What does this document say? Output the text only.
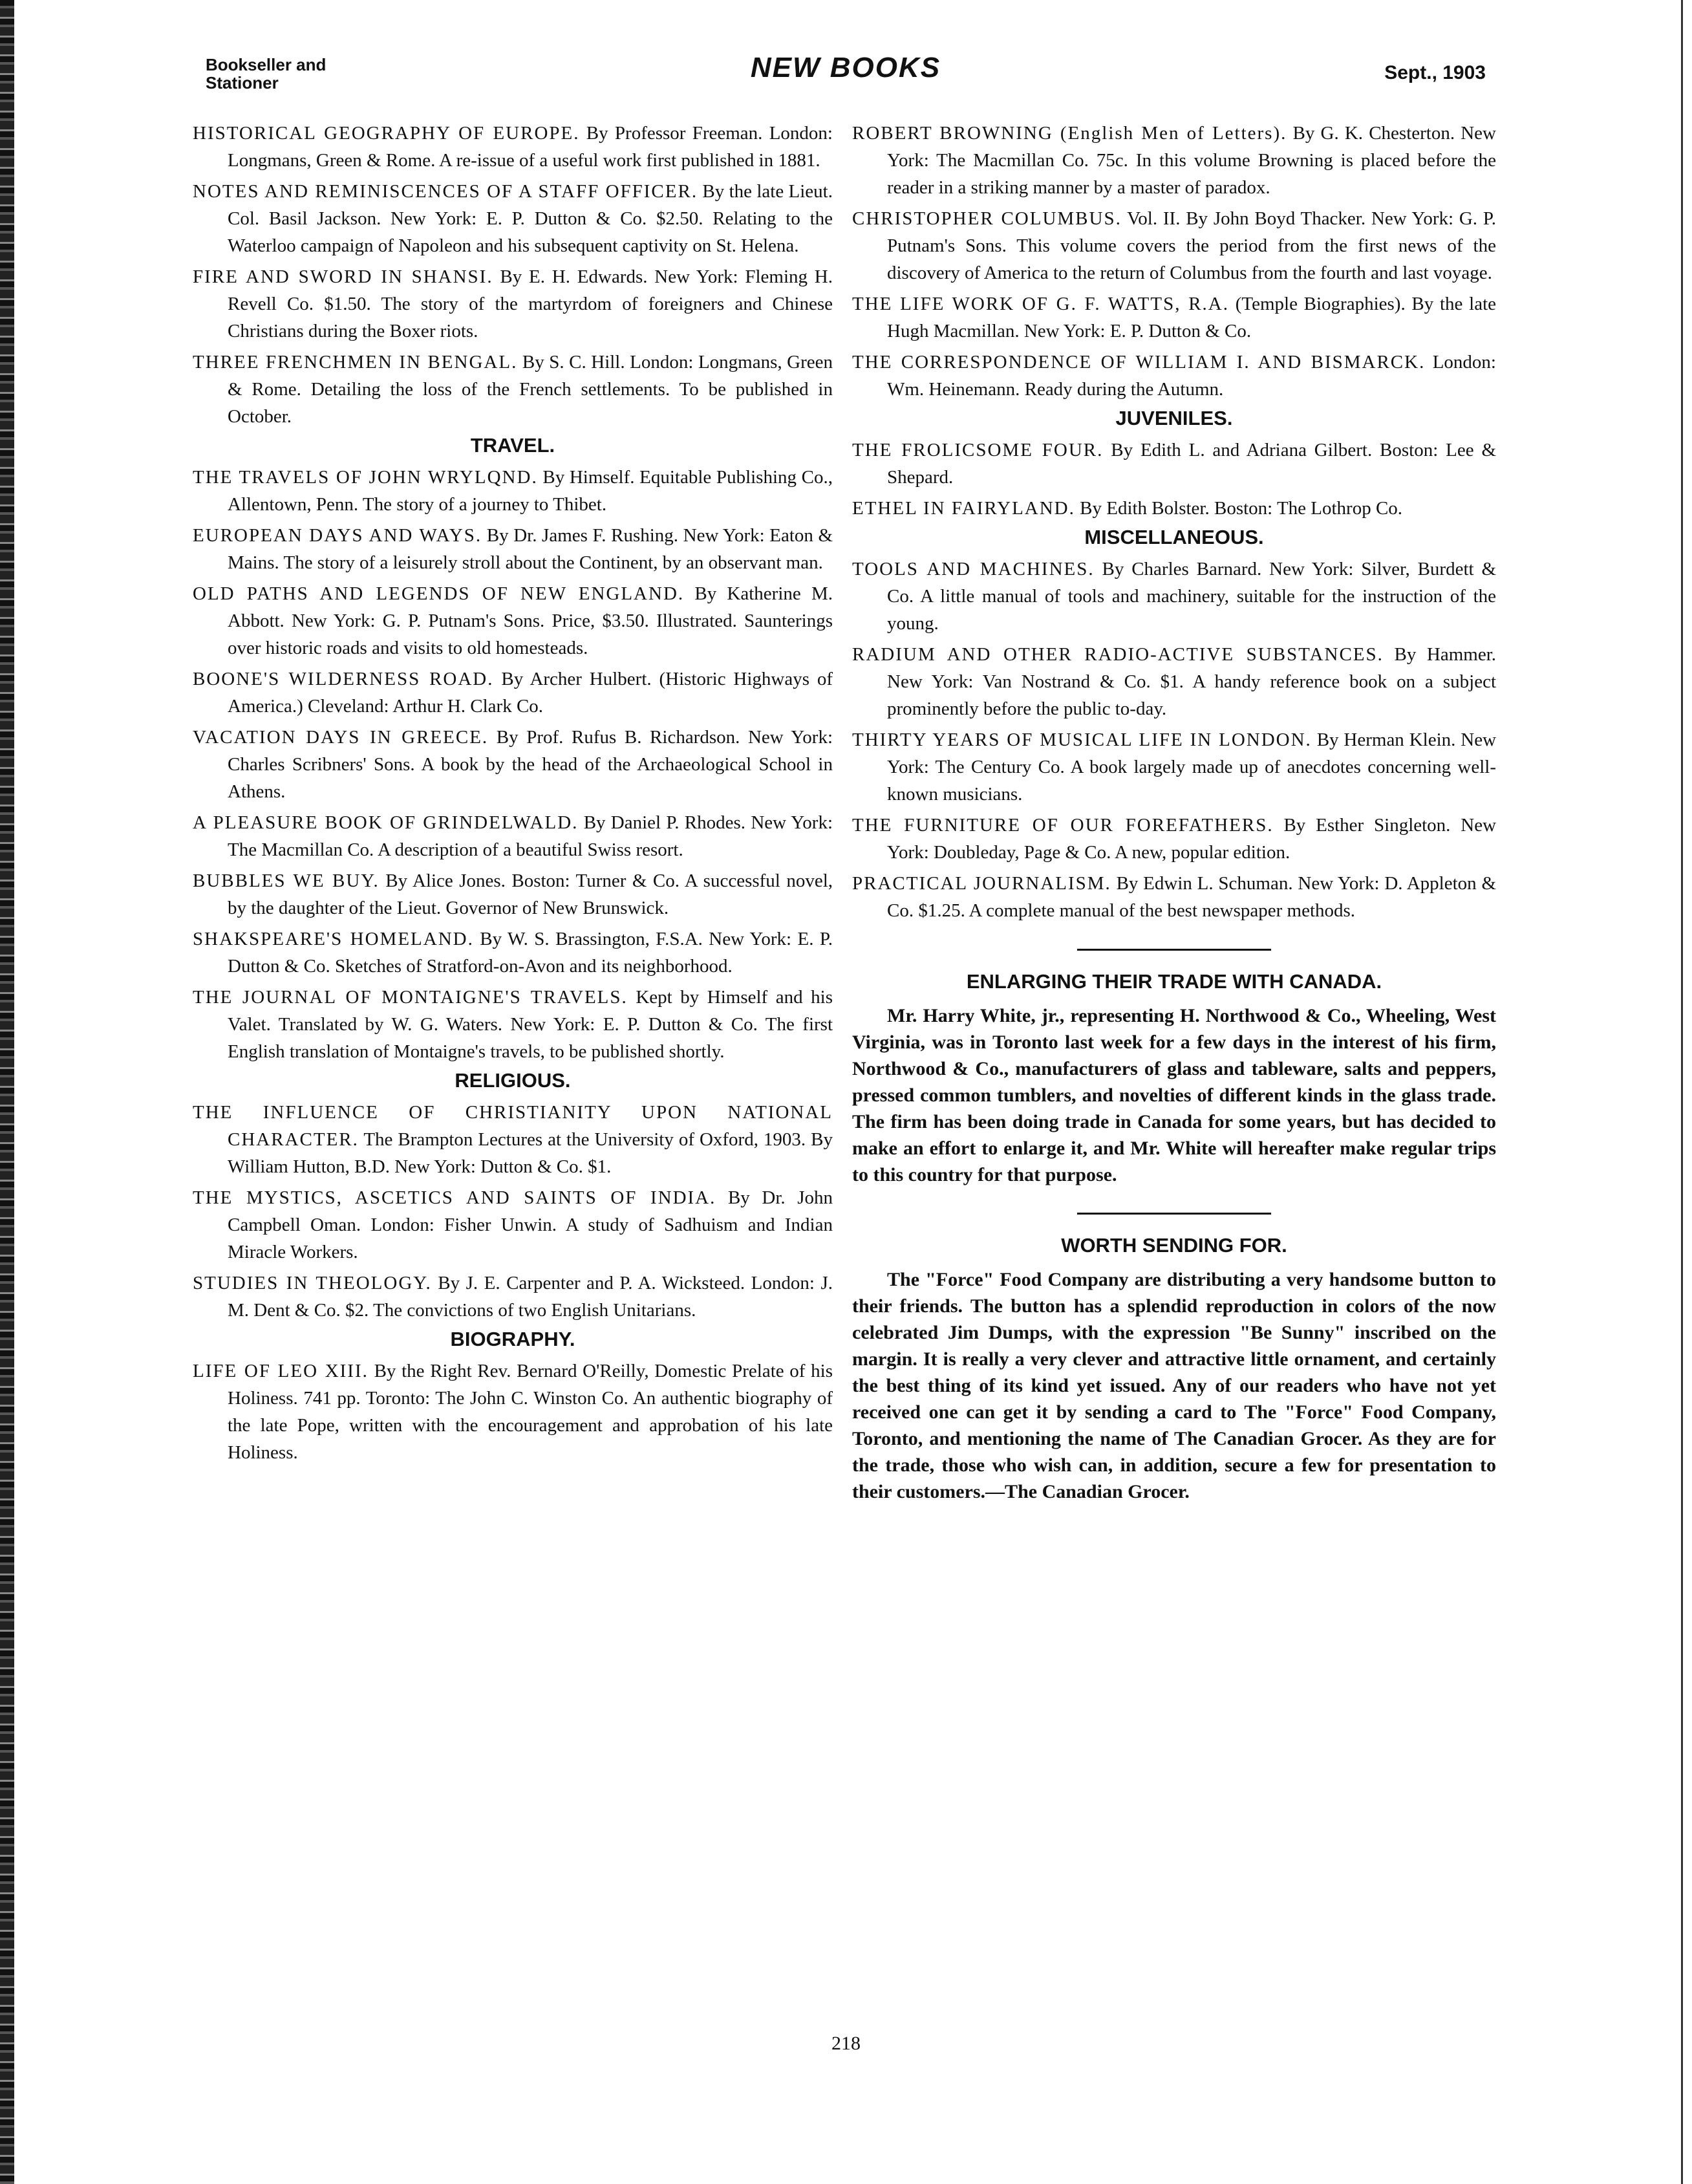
Bookseller and
Stationer	NEW BOOKS	Sept., 1903

HISTORICAL GEOGRAPHY OF EUROPE. By Professor Freeman. London: Longmans, Green & Rome. A re-issue of a useful work first published in 1881.

NOTES AND REMINISCENCES OF A STAFF OFFICER. By the late Lieut. Col. Basil Jackson. New York: E. P. Dutton & Co. $2.50. Relating to the Waterloo campaign of Napoleon and his subsequent captivity on St. Helena.

FIRE AND SWORD IN SHANSI. By E. H. Edwards. New York: Fleming H. Revell Co. $1.50. The story of the martyrdom of foreigners and Chinese Christians during the Boxer riots.

THREE FRENCHMEN IN BENGAL. By S. C. Hill. London: Longmans, Green & Rome. Detailing the loss of the French settlements. To be published in October.

TRAVEL.

THE TRAVELS OF JOHN WRYLQND. By Himself. Equitable Publishing Co., Allentown, Penn. The story of a journey to Thibet.

EUROPEAN DAYS AND WAYS. By Dr. James F. Rushing. New York: Eaton & Mains. The story of a leisurely stroll about the Continent, by an observant man.

OLD PATHS AND LEGENDS OF NEW ENGLAND. By Katherine M. Abbott. New York: G. P. Putnam's Sons. Price, $3.50. Illustrated. Saunterings over historic roads and visits to old homesteads.

BOONE'S WILDERNESS ROAD. By Archer Hulbert. (Historic Highways of America.) Cleveland: Arthur H. Clark Co.

VACATION DAYS IN GREECE. By Prof. Rufus B. Richardson. New York: Charles Scribners' Sons. A book by the head of the Archaeological School in Athens.

A PLEASURE BOOK OF GRINDELWALD. By Daniel P. Rhodes. New York: The Macmillan Co. A description of a beautiful Swiss resort.

BUBBLES WE BUY. By Alice Jones. Boston: Turner & Co. A successful novel, by the daughter of the Lieut. Governor of New Brunswick.

SHAKSPEARE'S HOMELAND. By W. S. Brassington, F.S.A. New York: E. P. Dutton & Co. Sketches of Stratford-on-Avon and its neighborhood.

THE JOURNAL OF MONTAIGNE'S TRAVELS. Kept by Himself and his Valet. Translated by W. G. Waters. New York: E. P. Dutton & Co. The first English translation of Montaigne's travels, to be published shortly.

RELIGIOUS.

THE INFLUENCE OF CHRISTIANITY UPON NATIONAL CHARACTER. The Brampton Lectures at the University of Oxford, 1903. By William Hutton, B.D. New York: Dutton & Co. $1.

THE MYSTICS, ASCETICS AND SAINTS OF INDIA. By Dr. John Campbell Oman. London: Fisher Unwin. A study of Sadhuism and Indian Miracle Workers.

STUDIES IN THEOLOGY. By J. E. Carpenter and P. A. Wicksteed. London: J. M. Dent & Co. $2. The convictions of two English Unitarians.

BIOGRAPHY.

LIFE OF LEO XIII. By the Right Rev. Bernard O'Reilly, Domestic Prelate of his Holiness. 741 pp. Toronto: The John C. Winston Co. An authentic biography of the late Pope, written with the encouragement and approbation of his late Holiness.

ROBERT BROWNING (English Men of Letters). By G. K. Chesterton. New York: The Macmillan Co. 75c. In this volume Browning is placed before the reader in a striking manner by a master of paradox.

CHRISTOPHER COLUMBUS. Vol. II. By John Boyd Thacker. New York: G. P. Putnam's Sons. This volume covers the period from the first news of the discovery of America to the return of Columbus from the fourth and last voyage.

THE LIFE WORK OF G. F. WATTS, R.A. (Temple Biographies). By the late Hugh Macmillan. New York: E. P. Dutton & Co.

THE CORRESPONDENCE OF WILLIAM I. AND BISMARCK. London: Wm. Heinemann. Ready during the Autumn.

JUVENILES.

THE FROLICSOME FOUR. By Edith L. and Adriana Gilbert. Boston: Lee & Shepard.

ETHEL IN FAIRYLAND. By Edith Bolster. Boston: The Lothrop Co.

MISCELLANEOUS.

TOOLS AND MACHINES. By Charles Barnard. New York: Silver, Burdett & Co. A little manual of tools and machinery, suitable for the instruction of the young.

RADIUM AND OTHER RADIO-ACTIVE SUBSTANCES. By Hammer. New York: Van Nostrand & Co. $1. A handy reference book on a subject prominently before the public to-day.

THIRTY YEARS OF MUSICAL LIFE IN LONDON. By Herman Klein. New York: The Century Co. A book largely made up of anecdotes concerning well-known musicians.

THE FURNITURE OF OUR FOREFATHERS. By Esther Singleton. New York: Doubleday, Page & Co. A new, popular edition.

PRACTICAL JOURNALISM. By Edwin L. Schuman. New York: D. Appleton & Co. $1.25. A complete manual of the best newspaper methods.

ENLARGING THEIR TRADE WITH CANADA.

Mr. Harry White, jr., representing H. Northwood & Co., Wheeling, West Virginia, was in Toronto last week for a few days in the interest of his firm, Northwood & Co., manufacturers of glass and tableware, salts and peppers, pressed common tumblers, and novelties of different kinds in the glass trade. The firm has been doing trade in Canada for some years, but has decided to make an effort to enlarge it, and Mr. White will hereafter make regular trips to this country for that purpose.

WORTH SENDING FOR.

The "Force" Food Company are distributing a very handsome button to their friends. The button has a splendid reproduction in colors of the now celebrated Jim Dumps, with the expression "Be Sunny" inscribed on the margin. It is really a very clever and attractive little ornament, and certainly the best thing of its kind yet issued. Any of our readers who have not yet received one can get it by sending a card to The "Force" Food Company, Toronto, and mentioning the name of The Canadian Grocer. As they are for the trade, those who wish can, in addition, secure a few for presentation to their customers.—The Canadian Grocer.

218
